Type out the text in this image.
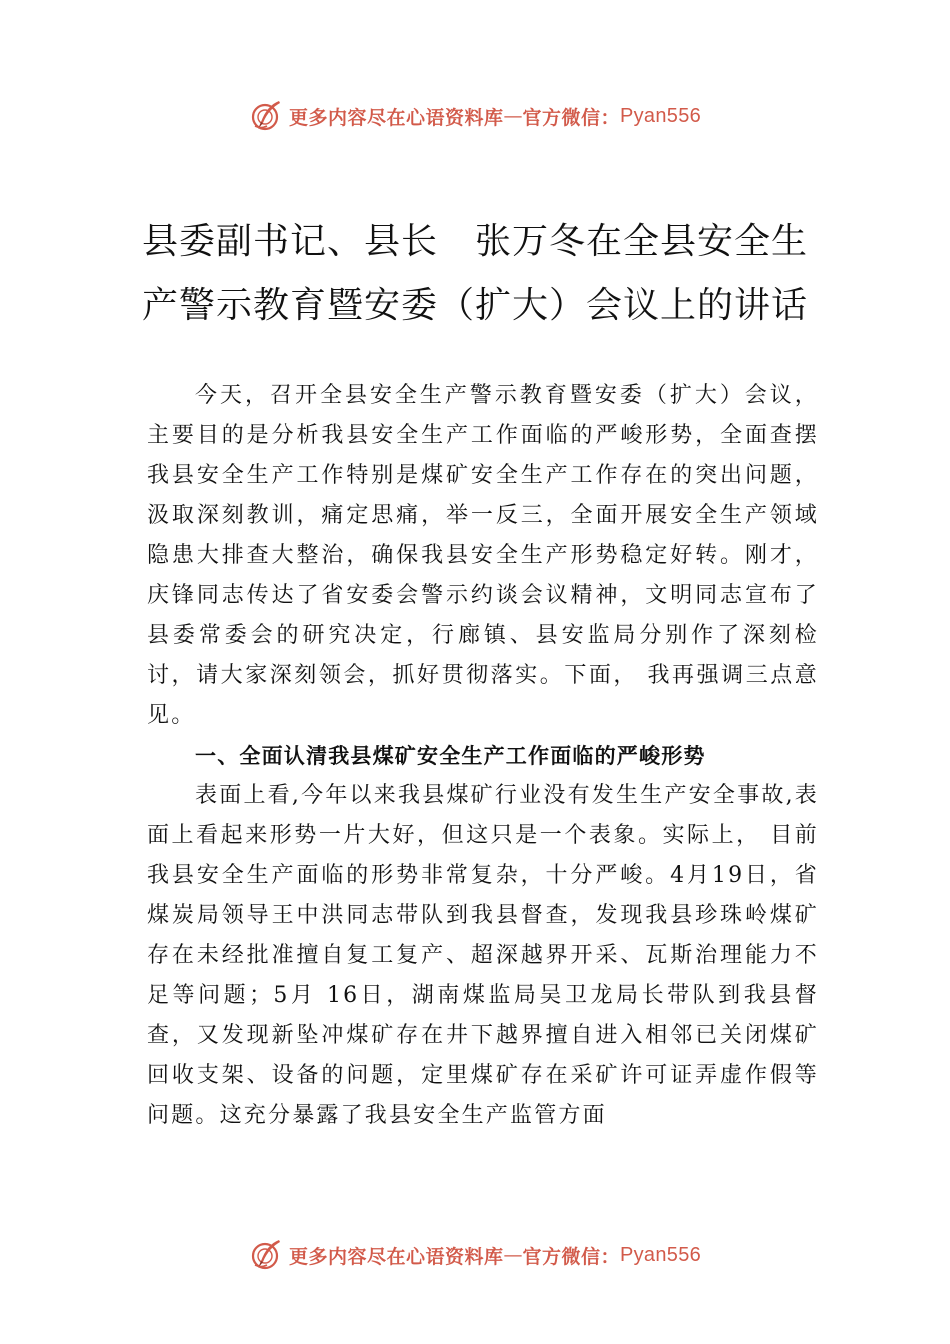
更多内容尽在心语资料库 — 官方微信： Pyan556
县委副书记、县长　张万冬在全县安全生
产警示教育暨安委（扩大）会议上的讲话

今天，召开全县安全生产警示教育暨安委（扩大）会议，主要目的是分析我县安全生产工作面临的严峻形势，全面查摆我县安全生产工作特别是煤矿安全生产工作存在的突出问题，汲取深刻教训，痛定思痛，举一反三，全面开展安全生产领域隐患大排查大整治，确保我县安全生产形势稳定好转。刚才，庆锋同志传达了省安委会警示约谈会议精神，文明同志宣布了县委常委会的研究决定，行廊镇、县安监局分别作了深刻检讨，请大家深刻领会，抓好贯彻落实。下面， 我再强调三点意见。

一、全面认清我县煤矿安全生产工作面临的严峻形势

表面上看,今年以来我县煤矿行业没有发生生产安全事故,表面上看起来形势一片大好，但这只是一个表象。实际上， 目前我县安全生产面临的形势非常复杂，十分严峻。4月19日，省煤炭局领导王中洪同志带队到我县督查，发现我县珍珠岭煤矿存在未经批准擅自复工复产、超深越界开采、瓦斯治理能力不足等问题；5月 16日，湖南煤监局吴卫龙局长带队到我县督查，又发现新坠冲煤矿存在井下越界擅自进入相邻已关闭煤矿回收支架、设备的问题，定里煤矿存在采矿许可证弄虚作假等问题。这充分暴露了我县安全生产监管方面

更多内容尽在心语资料库 — 官方微信： Pyan556
